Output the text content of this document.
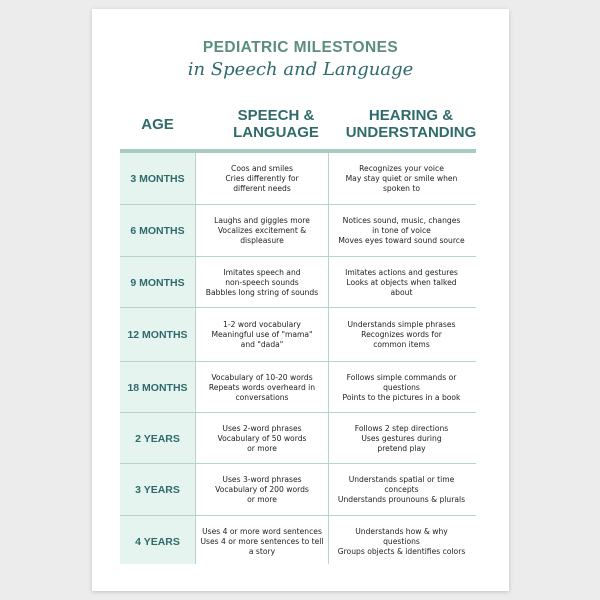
PEDIATRIC MILESTONES
in Speech and Language
AGE
SPEECH &
LANGUAGE
HEARING &
UNDERSTANDING
3 MONTHS
Coos and smiles
Cries differently for
different needs
Recognizes your voice
May stay quiet or smile when
spoken to
6 MONTHS
Laughs and giggles more
Vocalizes excitement &
displeasure
Notices sound, music, changes
in tone of voice
Moves eyes toward sound source
9 MONTHS
Imitates speech and
non-speech sounds
Babbles long string of sounds
Imitates actions and gestures
Looks at objects when talked
about
12 MONTHS
1-2 word vocabulary
Meaningful use of "mama"
and "dada"
Understands simple phrases
Recognizes words for
common items
18 MONTHS
Vocabulary of 10-20 words
Repeats words overheard in
conversations
Follows simple commands or
questions
Points to the pictures in a book
2 YEARS
Uses 2-word phrases
Vocabulary of 50 words
or more
Follows 2 step directions
Uses gestures during
pretend play
3 YEARS
Uses 3-word phrases
Vocabulary of 200 words
or more
Understands spatial or time
concepts
Understands prounouns & plurals
4 YEARS
Uses 4 or more word sentences
Uses 4 or more sentences to tell
a story
Understands how & why
questions
Groups objects & identifies colors
